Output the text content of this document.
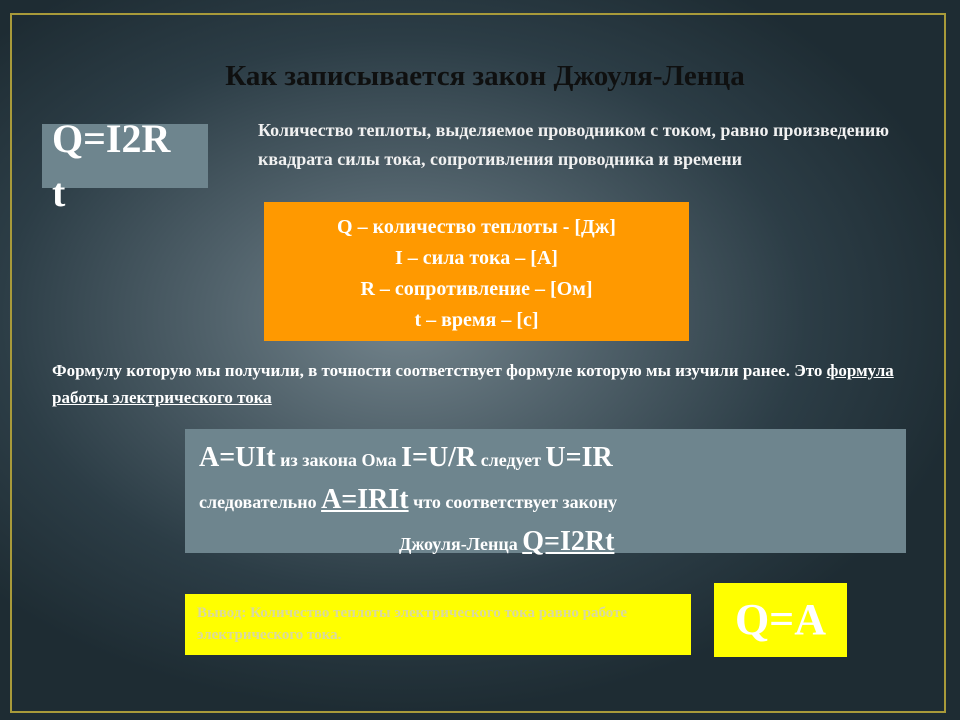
Как записывается закон Джоуля-Ленца
Q=I2R
t
Количество теплоты, выделяемое проводником с током, равно произведению квадрата силы тока, сопротивления проводника и времени
Q – количество теплоты - [Дж]
I – сила тока – [А]
R – сопротивление – [Ом]
t – время – [с]
Формулу которую мы получили, в точности соответствует формуле которую мы изучили ранее. Это формула работы электрического тока
A=UIt из закона Ома I=U/R следует U=IR
следовательно A=IRIt что соответствует закону
Джоуля-Ленца Q=I2Rt
Вывод: Количество теплоты электрического тока равно работе электрического тока.	Q=A
